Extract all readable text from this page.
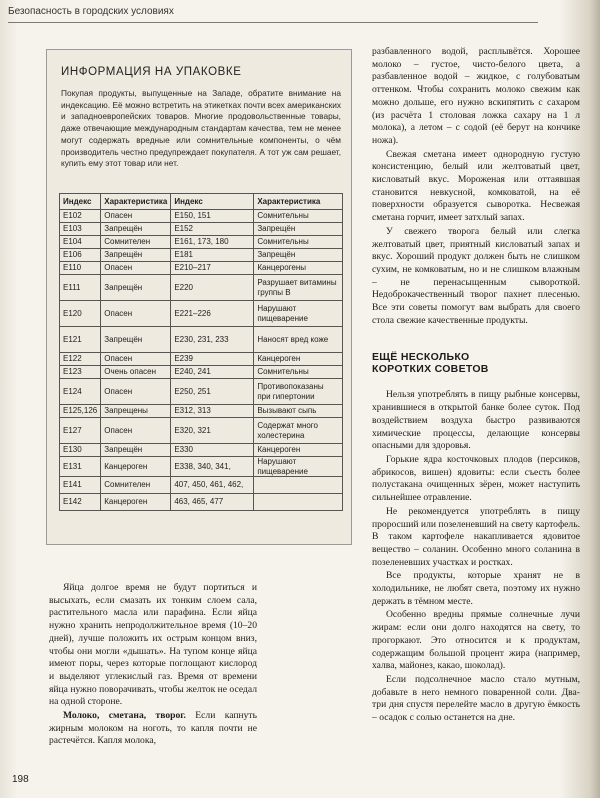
Безопасность в городских условиях
ИНФОРМАЦИЯ НА УПАКОВКЕ
Покупая продукты, выпущенные на Западе, обратите внимание на индексацию. Её можно встретить на этикетках почти всех американских и западноевропейских товаров. Многие продовольственные товары, даже отвечающие международным стандартам качества, тем не менее могут содержать вредные или сомнительные компоненты, о чём производитель честно предупреждает покупателя. А тот уж сам решает, купить ему этот товар или нет.
Индекс	Характеристика	Индекс	Характеристика
E102	Опасен	E150, 151	Сомнительны
E103	Запрещён	E152	Запрещён
E104	Сомнителен	E161, 173, 180	Сомнительны
E106	Запрещён	E181	Запрещён
E110	Опасен	E210–217	Канцерогены
E111	Запрещён	E220	Разрушает витамины группы В
E120	Опасен	E221–226	Нарушают пищеварение
E121	Запрещён	E230, 231, 233	Наносят вред коже
E122	Опасен	E239	Канцероген
E123	Очень опасен	E240, 241	Сомнительны
E124	Опасен	E250, 251	Противопоказаны при гипертонии
E125,126	Запрещены	E312, 313	Вызывают сыпь
E127	Опасен	E320, 321	Содержат много холестерина
E130	Запрещён	E330	Канцероген
E131	Канцероген	E338, 340, 341,	Нарушают пищеварение
E141	Сомнителен	407, 450, 461, 462,	
E142	Канцероген	463, 465, 477	

Яйца долгое время не будут портиться и высыхать, если смазать их тонким слоем сала, растительного масла или парафина. Если яйца нужно хранить непродолжительное время (10–20 дней), лучше положить их острым концом вниз, чтобы они могли «дышать». На тупом конце яйца имеют поры, через которые поглощают кислород и выделяют углекислый газ. Время от времени яйца нужно поворачивать, чтобы желток не оседал на одной стороне.

Молоко, сметана, творог. Если капнуть жирным молоком на ноготь, то капля почти не растечётся. Капля молока,

разбавленного водой, расплывётся. Хорошее молоко – густое, чисто-белого цвета, а разбавленное водой – жидкое, с голубоватым оттенком. Чтобы сохранить молоко свежим как можно дольше, его нужно вскипятить с сахаром (из расчёта 1 столовая ложка сахару на 1 л молока), а летом – с содой (её берут на кончике ножа).

Свежая сметана имеет однородную густую консистенцию, белый или желтоватый цвет, кисловатый вкус. Мороженая или оттаявшая становится невкусной, комковатой, на её поверхности образуется сыворотка. Несвежая сметана горчит, имеет затхлый запах.

У свежего творога белый или слегка желтоватый цвет, приятный кисловатый запах и вкус. Хороший продукт должен быть не слишком сухим, не комковатым, но и не слишком влажным – не перенасыщенным сывороткой. Недоброкачественный творог пахнет плесенью. Все эти советы помогут вам выбрать для своего стола свежие качественные продукты.

ЕЩЁ НЕСКОЛЬКО
КОРОТКИХ СОВЕТОВ

Нельзя употреблять в пищу рыбные консервы, хранившиеся в открытой банке более суток. Под воздействием воздуха быстро развиваются химические процессы, делающие консервы опасными для здоровья.

Горькие ядра косточковых плодов (персиков, абрикосов, вишен) ядовиты: если съесть более полустакана очищенных зёрен, может наступить сильнейшее отравление.

Не рекомендуется употреблять в пищу проросший или позеленевший на свету картофель. В таком картофеле накапливается ядовитое вещество – соланин. Особенно много соланина в позеленевших участках и ростках.

Все продукты, которые хранят не в холодильнике, не любят света, поэтому их нужно держать в тёмном месте.

Особенно вредны прямые солнечные лучи жирам: если они долго находятся на свету, то прогоркают. Это относится и к продуктам, содержащим большой процент жира (например, халва, майонез, какао, шоколад).

Если подсолнечное масло стало мутным, добавьте в него немного поваренной соли. Два-три дня спустя перелейте масло в другую ёмкость – осадок с солью останется на дне.

198
